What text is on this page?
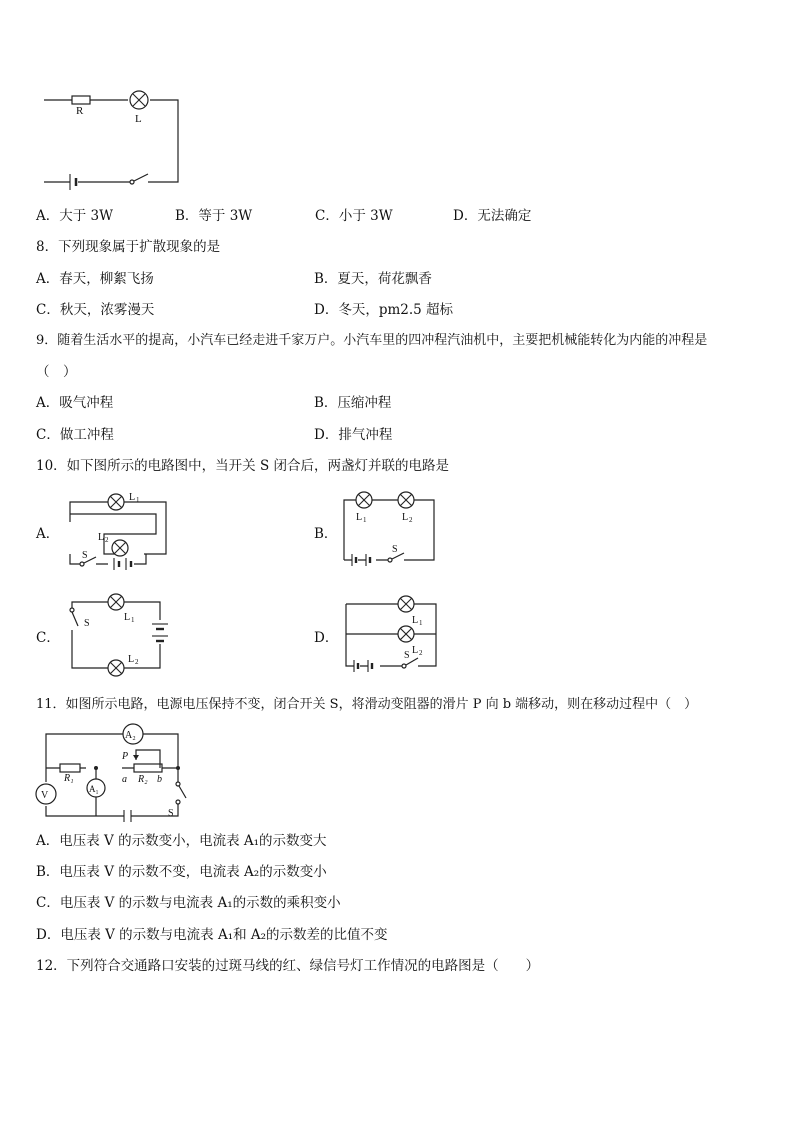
R
L
A．大于 3W	B．等于 3W	C．小于 3W	D．无法确定
8．下列现象属于扩散现象的是
A．春天，柳絮飞扬	B．夏天，荷花飘香
C．秋天，浓雾漫天	D．冬天，pm2.5 超标
9．随着生活水平的提高，小汽车已经走进千家万户。小汽车里的四冲程汽油机中，主要把机械能转化为内能的冲程是
（　）
A．吸气冲程	B．压缩冲程
C．做工冲程	D．排气冲程
10．如下图所示的电路图中，当开关 S 闭合后，两盏灯并联的电路是
A．
L 1
L 2
S
B．
L 1	L 2
S
C．
S
L 1
L 2
D．
L 1
L 2
S
11．如图所示电路，电源电压保持不变，闭合开关 S，将滑动变阻器的滑片 P 向 b 端移动，则在移动过程中（　）
A₂
V
R₁
A₁
P
a R₂ b
S
A．电压表 V 的示数变小，电流表 A₁的示数变大
B．电压表 V 的示数不变，电流表 A₂的示数变小
C．电压表 V 的示数与电流表 A₁的示数的乘积变小
D．电压表 V 的示数与电流表 A₁和 A₂的示数差的比值不变
12．下列符合交通路口安装的过斑马线的红、绿信号灯工作情况的电路图是（　　）
